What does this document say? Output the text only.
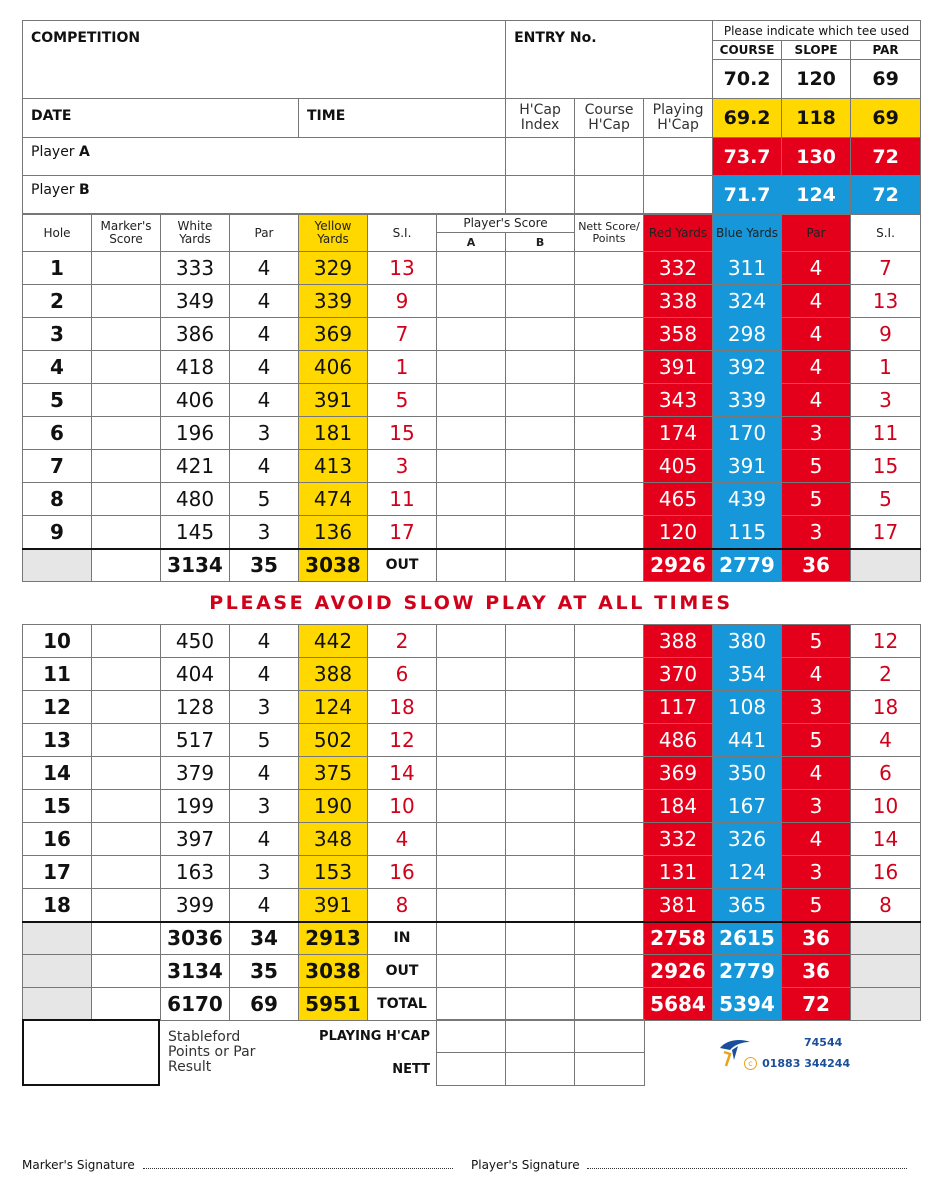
COMPETITION		ENTRY No.			Please indicate which tee used		
					COURSE	SLOPE	PAR
					70.2	120	69
DATE	TIME	H'Cap Index	Course H'Cap	Playing H'Cap	69.2	118	69
Player A					73.7	130	72
Player B					71.7	124	72
Hole	Marker's Score	White Yards	Par	Yellow Yards	S.I.	Player's Score		Nett Score/ Points	Red Yards	Blue Yards	Par	S.I.
						A	B					
1		333	4	329	13				332	311	4	7
2		349	4	339	9				338	324	4	13
3		386	4	369	7				358	298	4	9
4		418	4	406	1				391	392	4	1
5		406	4	391	5				343	339	4	3
6		196	3	181	15				174	170	3	11
7		421	4	413	3				405	391	5	15
8		480	5	474	11				465	439	5	5
9		145	3	136	17				120	115	3	17
		3134	35	3038	OUT				2926	2779	36	
PLEASE AVOID SLOW PLAY AT ALL TIMES
10		450	4	442	2				388	380	5	12
11		404	4	388	6				370	354	4	2
12		128	3	124	18				117	108	3	18
13		517	5	502	12				486	441	5	4
14		379	4	375	14				369	350	4	6
15		199	3	190	10				184	167	3	10
16		397	4	348	4				332	326	4	14
17		163	3	153	16				131	124	3	16
18		399	4	391	8				381	365	5	8
		3036	34	2913	IN				2758	2615	36	
		3134	35	3038	OUT				2926	2779	36	
		6170	69	5951	TOTAL				5684	5394	72	
Stableford Points or Par Result
PLAYING H'CAP
NETT

74544
c 01883 344244
Marker's Signature	Player's Signature
